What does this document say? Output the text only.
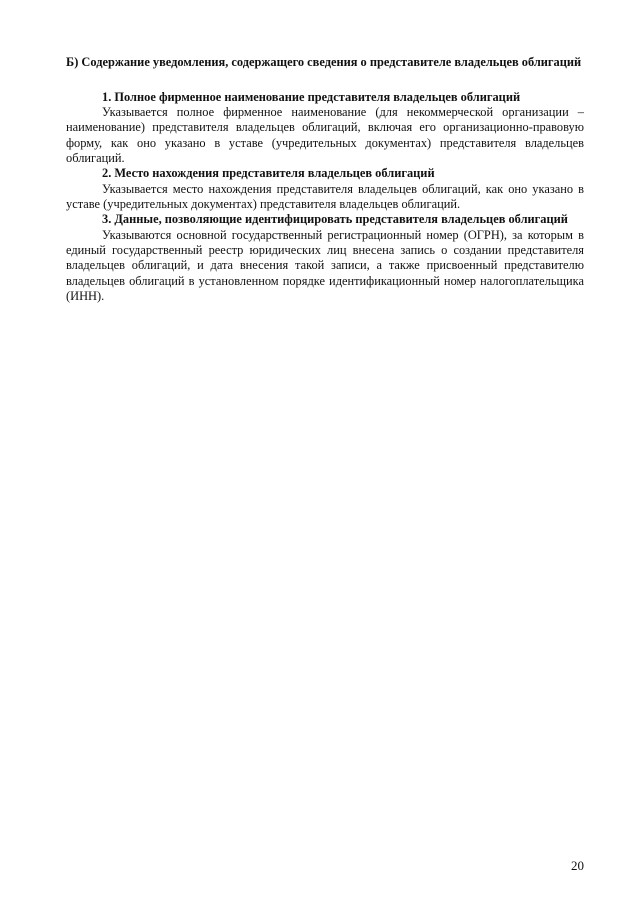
Б) Содержание уведомления, содержащего сведения о представителе владельцев облигаций

1. Полное фирменное наименование представителя владельцев облигаций

Указывается полное фирменное наименование (для некоммерческой организации – наименование) представителя владельцев облигаций, включая его организационно-правовую форму, как оно указано в уставе (учредительных документах) представителя владельцев облигаций.

2. Место нахождения представителя владельцев облигаций

Указывается место нахождения представителя владельцев облигаций, как оно указано в уставе (учредительных документах) представителя владельцев облигаций.

3. Данные, позволяющие идентифицировать представителя владельцев облигаций

Указываются основной государственный регистрационный номер (ОГРН), за которым в единый государственный реестр юридических лиц внесена запись о создании представителя владельцев облигаций, и дата внесения такой записи, а также присвоенный представителю владельцев облигаций в установленном порядке идентификационный номер налогоплательщика (ИНН).

20
